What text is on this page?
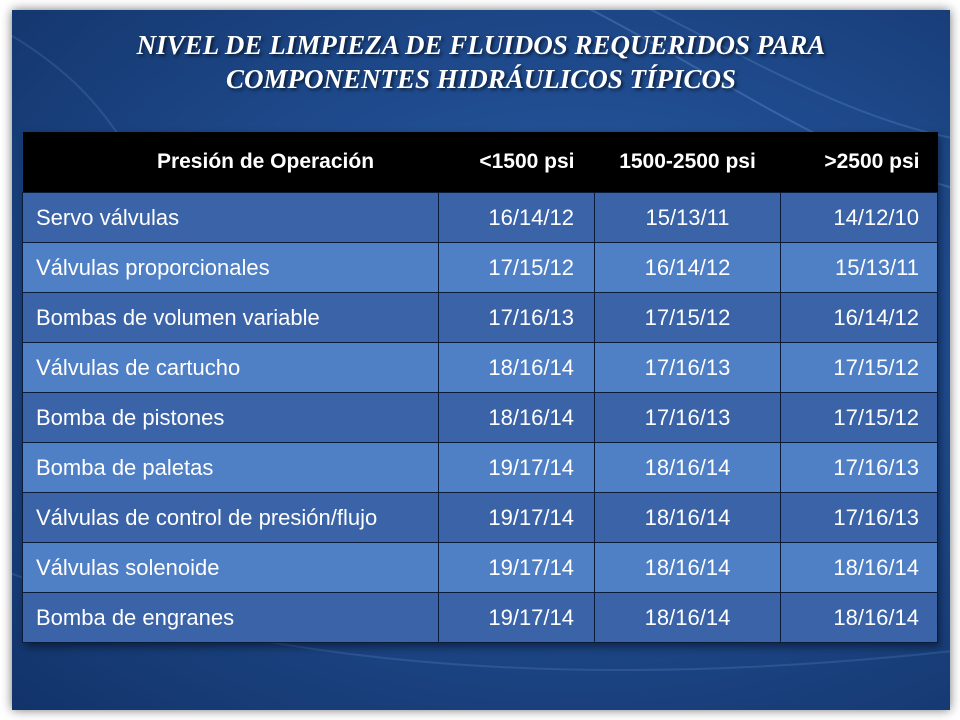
NIVEL DE LIMPIEZA DE FLUIDOS REQUERIDOS PARA
COMPONENTES HIDRÁULICOS TÍPICOS
Presión de Operación	<1500 psi	1500-2500 psi	>2500 psi
Servo válvulas	16/14/12	15/13/11	14/12/10
Válvulas proporcionales	17/15/12	16/14/12	15/13/11
Bombas de volumen variable	17/16/13	17/15/12	16/14/12
Válvulas de cartucho	18/16/14	17/16/13	17/15/12
Bomba de pistones	18/16/14	17/16/13	17/15/12
Bomba de paletas	19/17/14	18/16/14	17/16/13
Válvulas de control de presión/flujo	19/17/14	18/16/14	17/16/13
Válvulas solenoide	19/17/14	18/16/14	18/16/14
Bomba de engranes	19/17/14	18/16/14	18/16/14
